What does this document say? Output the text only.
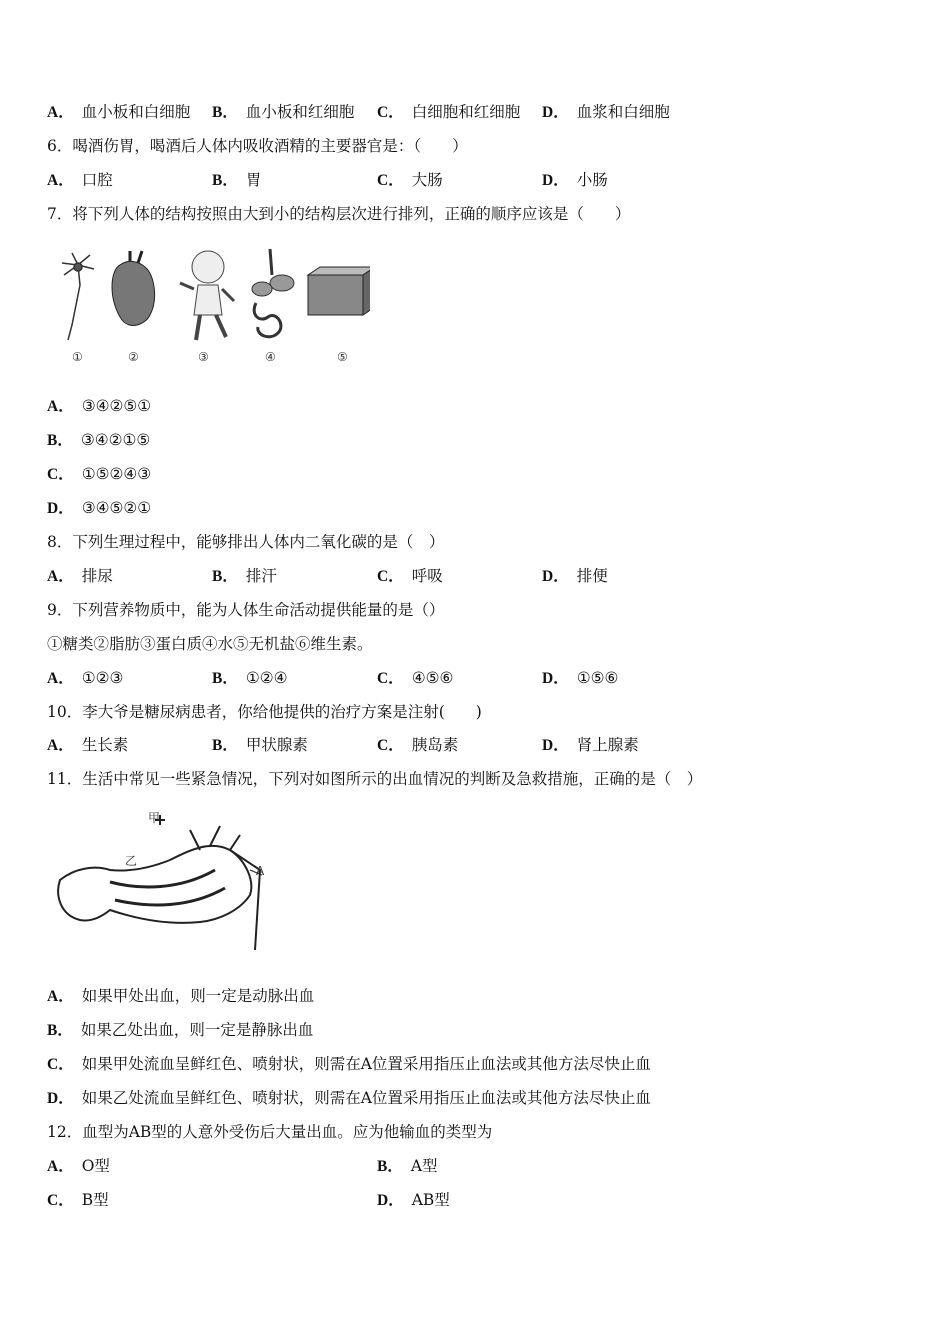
A． 血小板和白细胞 B． 血小板和红细胞 C． 白细胞和红细胞 D． 血浆和白细胞
6．喝酒伤胃，喝酒后人体内吸收酒精的主要器官是：（　　）
A． 口腔	B． 胃	C． 大肠	D． 小肠
7．将下列人体的结构按照由大到小的结构层次进行排列，正确的顺序应该是（　　）
①	②	③	④	⑤
A． ③④②⑤①
B． ③④②①⑤
C． ①⑤②④③
D． ③④⑤②①
8．下列生理过程中，能够排出人体内二氧化碳的是（　）
A． 排尿	B． 排汗	C． 呼吸	D． 排便
9．下列营养物质中，能为人体生命活动提供能量的是（）
①糖类②脂肪③蛋白质④水⑤无机盐⑥维生素。
A． ①②③	B． ①②④	C． ④⑤⑥	D． ①⑤⑥
10．李大爷是糖尿病患者，你给他提供的治疗方案是注射(　　)
A． 生长素	B． 甲状腺素	C． 胰岛素	D． 肾上腺素
11．生活中常见一些紧急情况，下列对如图所示的出血情况的判断及急救措施，正确的是（　）
甲
乙
A
A． 如果甲处出血，则一定是动脉出血
B． 如果乙处出血，则一定是静脉出血
C． 如果甲处流血呈鲜红色、喷射状，则需在A位置采用指压止血法或其他方法尽快止血
D． 如果乙处流血呈鲜红色、喷射状，则需在A位置采用指压止血法或其他方法尽快止血
12．血型为AB型的人意外受伤后大量出血。应为他输血的类型为
A． O型	B． A型
C． B型	D． AB型
